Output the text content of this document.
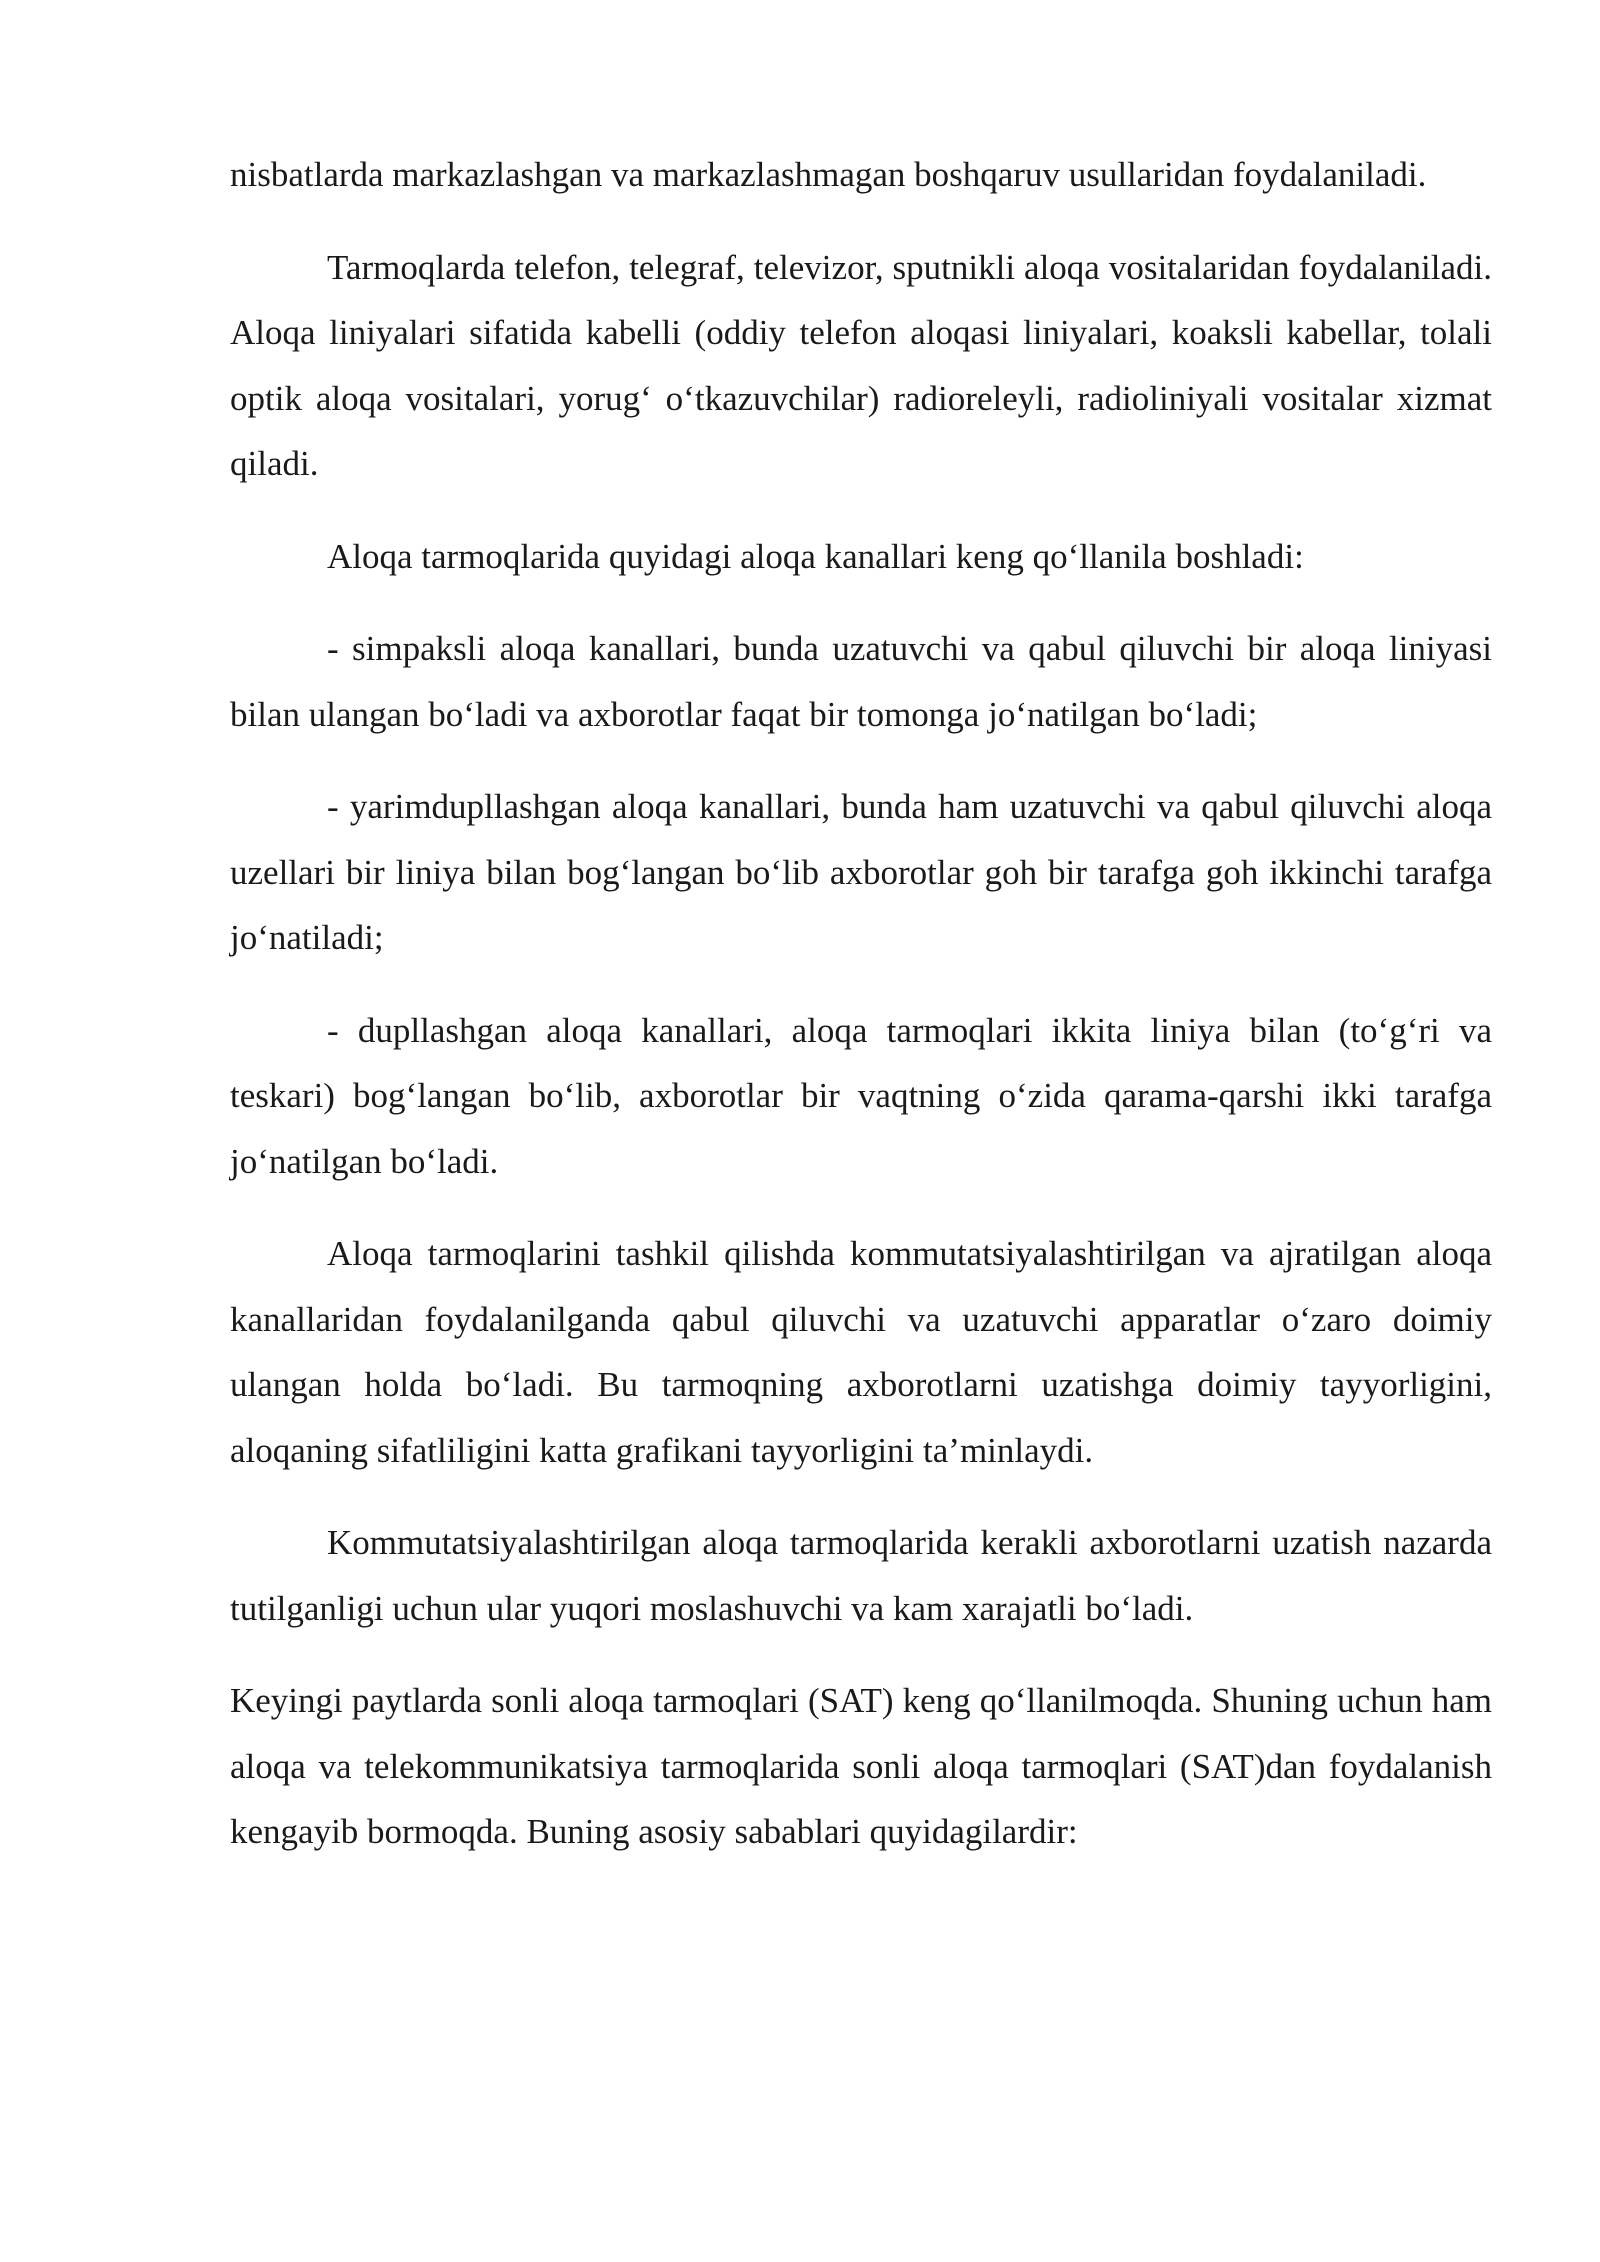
nisbatlarda markazlashgan va markazlashmagan boshqaruv usullaridan foydalaniladi.

Tarmoqlarda telefon, telegraf, televizor, sputnikli aloqa vositalaridan foydalaniladi. Aloqa liniyalari sifatida kabelli (oddiy telefon aloqasi liniyalari, koaksli kabellar, tolali optik aloqa vositalari, yorug‘ o‘tkazuvchilar) radioreleyli, radioliniyali vositalar xizmat qiladi.

Aloqa tarmoqlarida quyidagi aloqa kanallari keng qo‘llanila boshladi:

- simpaksli aloqa kanallari, bunda uzatuvchi va qabul qiluvchi bir aloqa liniyasi bilan ulangan bo‘ladi va axborotlar faqat bir tomonga jo‘natilgan bo‘ladi;

- yarimdupllashgan aloqa kanallari, bunda ham uzatuvchi va qabul qiluvchi aloqa uzellari bir liniya bilan bog‘langan bo‘lib axborotlar goh bir tarafga goh ikkinchi tarafga jo‘natiladi;

- dupllashgan aloqa kanallari, aloqa tarmoqlari ikkita liniya bilan (to‘g‘ri va teskari) bog‘langan bo‘lib, axborotlar bir vaqtning o‘zida qarama-qarshi ikki tarafga jo‘natilgan bo‘ladi.

Aloqa tarmoqlarini tashkil qilishda kommutatsiyalashtirilgan va ajratilgan aloqa kanallaridan foydalanilganda qabul qiluvchi va uzatuvchi apparatlar o‘zaro doimiy ulangan holda bo‘ladi. Bu tarmoqning axborotlarni uzatishga doimiy tayyorligini, aloqaning sifatliligini katta grafikani tayyorligini ta’minlaydi.

Kommutatsiyalashtirilgan aloqa tarmoqlarida kerakli axborotlarni uzatish nazarda tutilganligi uchun ular yuqori moslashuvchi va kam xarajatli bo‘ladi.

Keyingi paytlarda sonli aloqa tarmoqlari (SAT) keng qo‘llanilmoqda. Shuning uchun ham aloqa va telekommunikatsiya tarmoqlarida sonli aloqa tarmoqlari (SAT)dan foydalanish kengayib bormoqda. Buning asosiy sabablari quyidagilardir:
